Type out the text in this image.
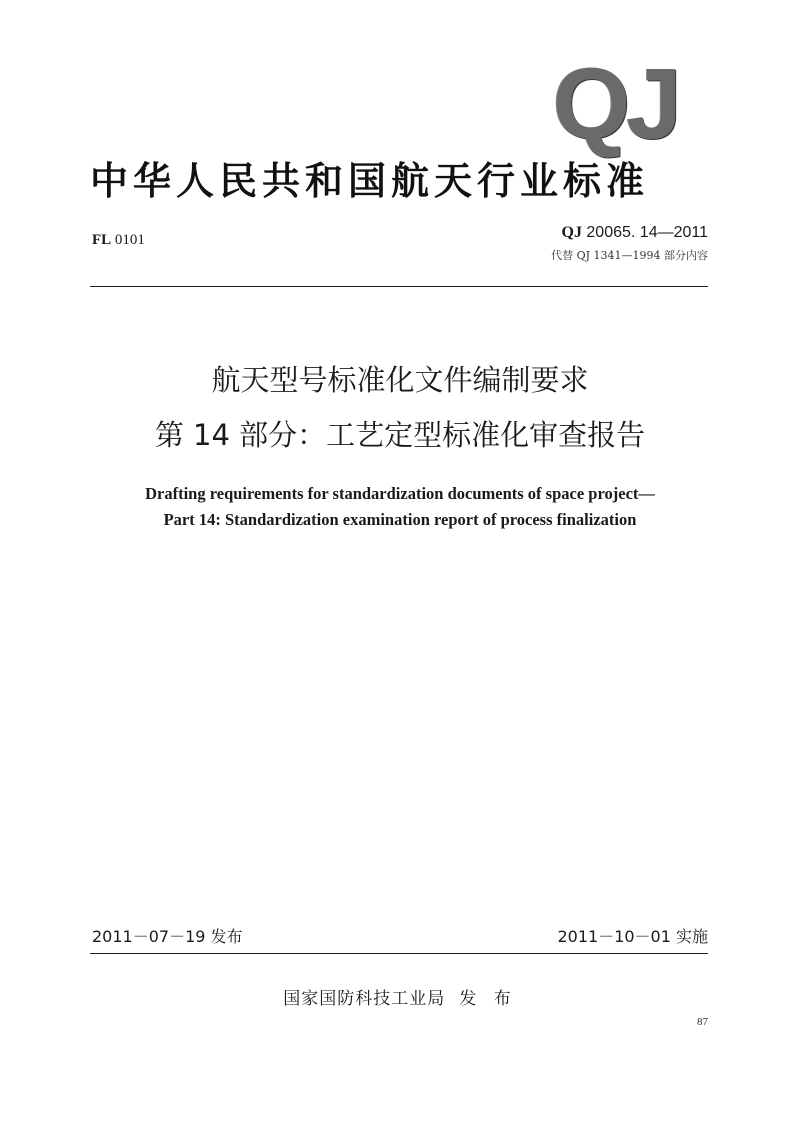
QJ
中华人民共和国航天行业标准
FL 0101	QJ 20065. 14—2011
代替 QJ 1341—1994 部分内容
航天型号标准化文件编制要求
第 14 部分：工艺定型标准化审查报告
Drafting requirements for standardization documents of space project—
Part 14: Standardization examination report of process finalization
2011－07－19 发布	2011－10－01 实施
国家国防科技工业局 发 布
87
